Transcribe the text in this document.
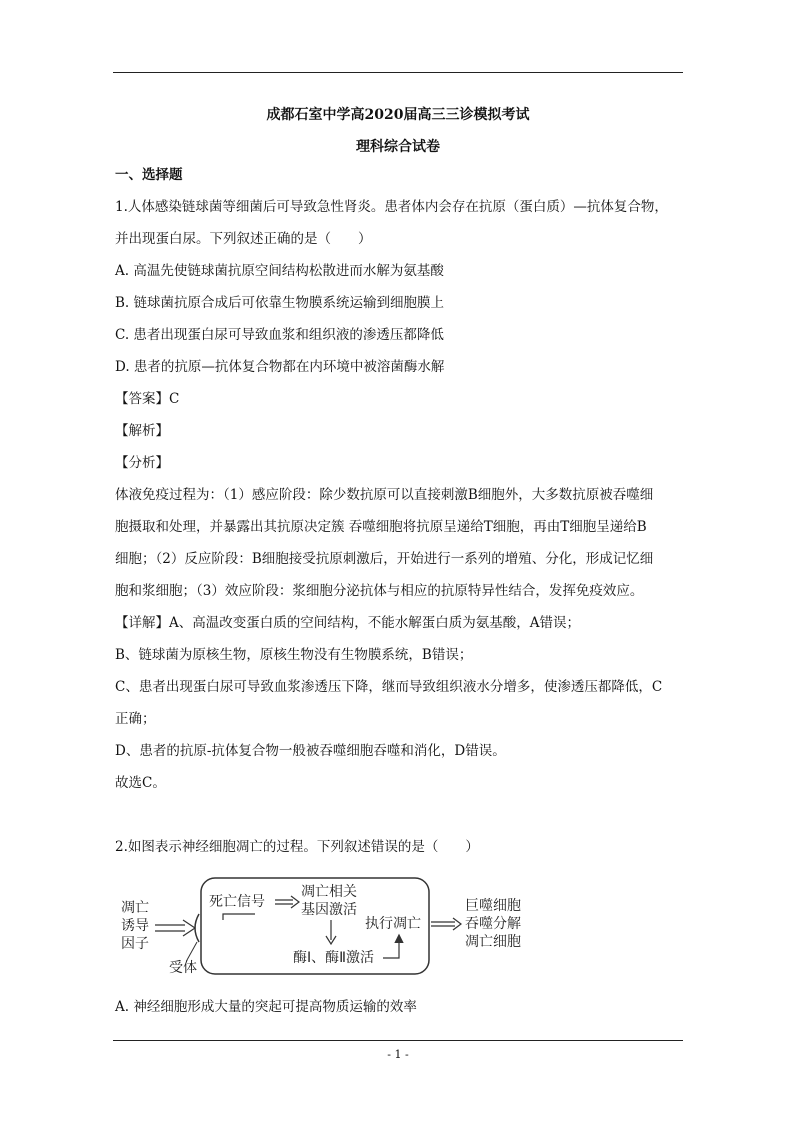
成都石室中学高2020届高三三诊模拟考试
理科综合试卷
一、选择题
1.人体感染链球菌等细菌后可导致急性肾炎。患者体内会存在抗原（蛋白质）—抗体复合物，
并出现蛋白尿。下列叙述正确的是（　　）
A. 高温先使链球菌抗原空间结构松散进而水解为氨基酸
B. 链球菌抗原合成后可依靠生物膜系统运输到细胞膜上
C. 患者出现蛋白尿可导致血浆和组织液的渗透压都降低
D. 患者的抗原—抗体复合物都在内环境中被溶菌酶水解
【答案】C
【解析】
【分析】
体液免疫过程为：（1）感应阶段：除少数抗原可以直接刺激B细胞外，大多数抗原被吞噬细
胞摄取和处理，并暴露出其抗原决定簇 吞噬细胞将抗原呈递给T细胞，再由T细胞呈递给B
细胞；（2）反应阶段：B细胞接受抗原刺激后，开始进行一系列的增殖、分化，形成记忆细
胞和浆细胞；（3）效应阶段：浆细胞分泌抗体与相应的抗原特异性结合，发挥免疫效应。
【详解】A、高温改变蛋白质的空间结构，不能水解蛋白质为氨基酸，A错误；
B、链球菌为原核生物，原核生物没有生物膜系统，B错误；
C、患者出现蛋白尿可导致血浆渗透压下降，继而导致组织液水分增多，使渗透压都降低，C
正确；
D、患者的抗原-抗体复合物一般被吞噬细胞吞噬和消化，D错误。
故选C。
2.如图表示神经细胞凋亡的过程。下列叙述错误的是（　　）
凋亡
诱导
因子
受体
死亡信号
凋亡相关
基因激活
酶Ⅰ、酶Ⅱ激活
执行凋亡
巨噬细胞
吞噬分解
凋亡细胞
A. 神经细胞形成大量的突起可提高物质运输的效率
- 1 -
